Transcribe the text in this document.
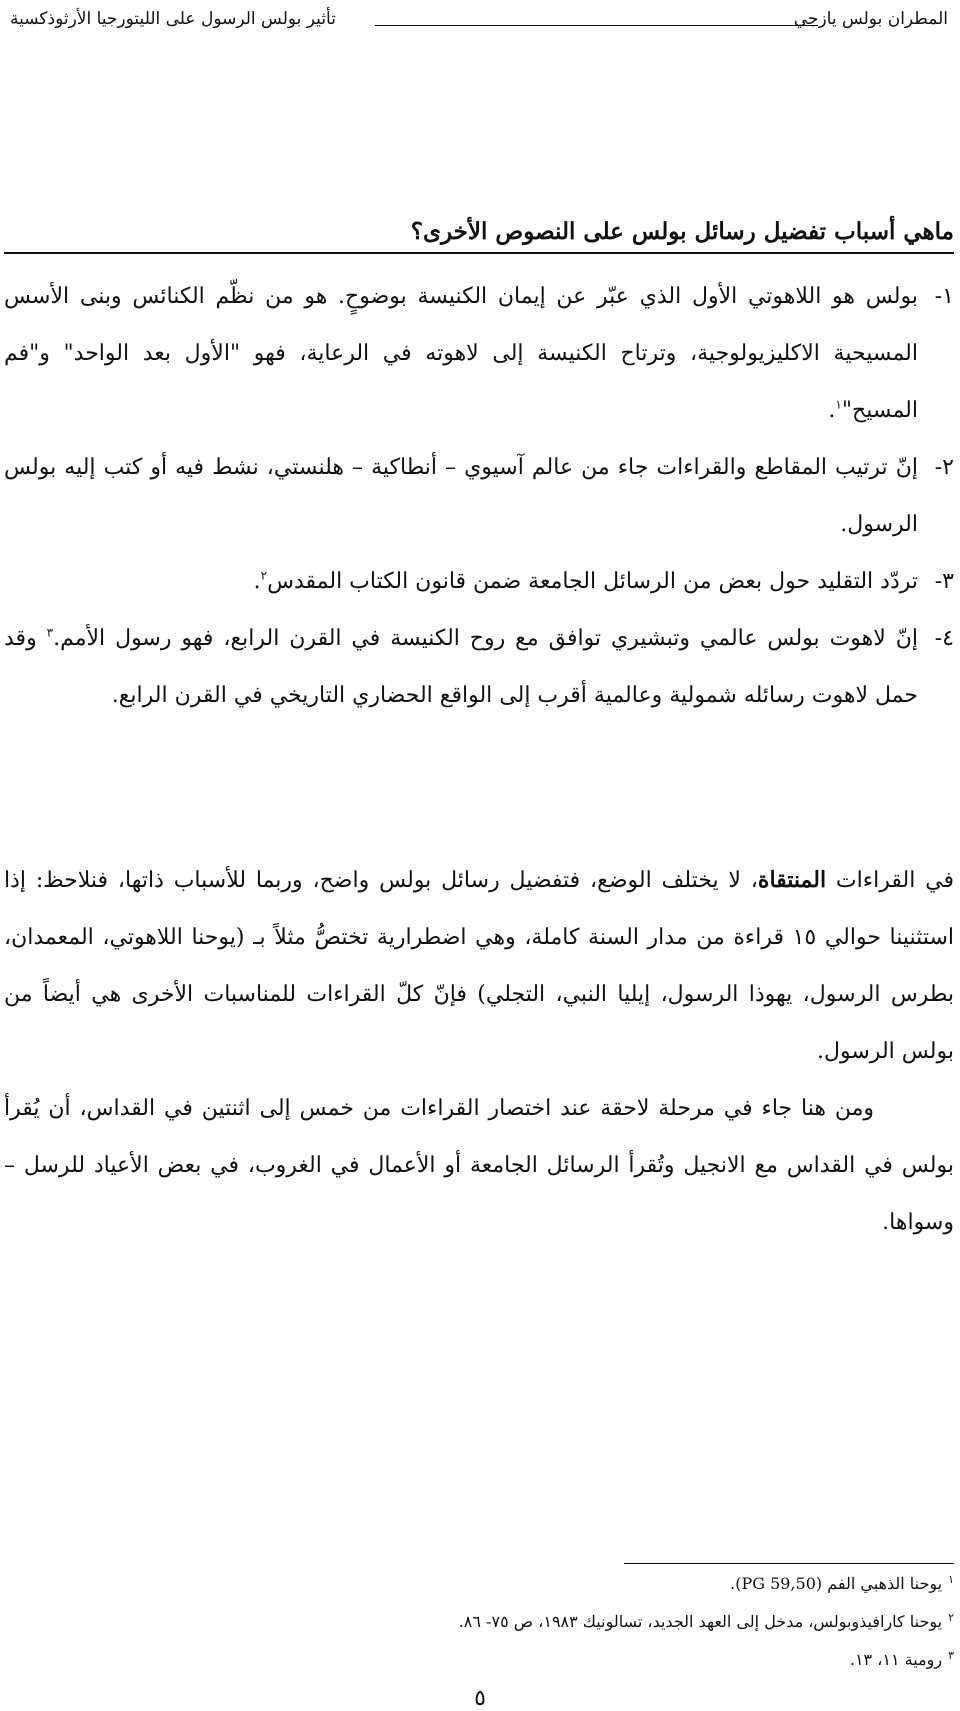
المطران بولس يازجي
تأثير بولس الرسول على الليتورجيا الأرثوذكسية
ماهي أسباب تفضيل رسائل بولس على النصوص الأخرى؟

١-
بولس هو اللاهوتي الأول الذي عبّر عن إيمان الكنيسة بوضوحٍ. هو من نظّم الكنائس وبنى الأسس المسيحية الاكليزيولوجية، وترتاح الكنيسة إلى لاهوته في الرعاية، فهو "الأول بعد الواحد" و"فم المسيح"$^١$.

٢-
إنّ ترتيب المقاطع والقراءات جاء من عالم آسيوي – أنطاكية – هلنستي، نشط فيه أو كتب إليه بولس الرسول.

٣-
تردّد التقليد حول بعض من الرسائل الجامعة ضمن قانون الكتاب المقدس$^٢$.

٤-
إنّ لاهوت بولس عالمي وتبشيري توافق مع روح الكنيسة في القرن الرابع، فهو رسول الأمم.$^٣$ وقد حمل لاهوت رسائله شمولية وعالمية أقرب إلى الواقع الحضاري التاريخي في القرن الرابع.

في القراءات المنتقاة، لا يختلف الوضع، فتفضيل رسائل بولس واضح، وربما للأسباب ذاتها، فنلاحظ: إذا استثنينا حوالي ١٥ قراءة من مدار السنة كاملة، وهي اضطرارية تختصُّ مثلاً بـ (يوحنا اللاهوتي، المعمدان، بطرس الرسول، يهوذا الرسول، إيليا النبي، التجلي) فإنّ كلّ القراءات للمناسبات الأخرى هي أيضاً من بولس الرسول.

ومن هنا جاء في مرحلة لاحقة عند اختصار القراءات من خمس إلى اثنتين في القداس، أن يُقرأ بولس في القداس مع الانجيل وتُقرأ الرسائل الجامعة أو الأعمال في الغروب، في بعض الأعياد للرسل – وسواها.

$^١$يوحنا الذهبي الفم (PG 59,50).

$^٢$يوحنا كارافيذوبولس، مدخل إلى العهد الجديد، تسالونيك ١٩٨٣، ص ٧٥- ٨٦.

$^٣$رومية ١١، ١٣.

٥
